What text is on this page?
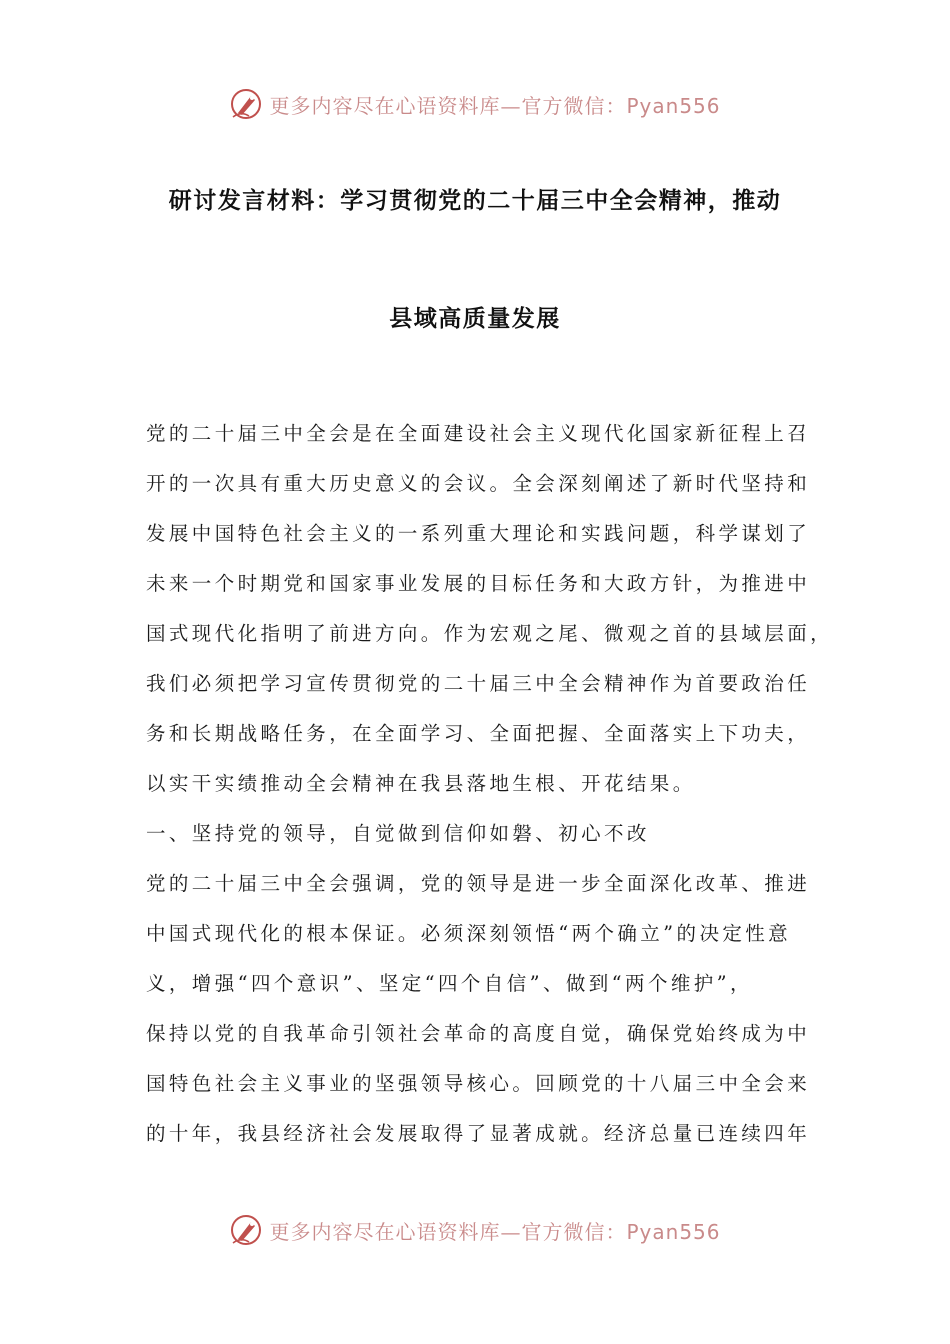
更多内容尽在心语资料库—官方微信：Pyan556
研讨发言材料：学习贯彻党的二十届三中全会精神，推动
县域高质量发展
党的二十届三中全会是在全面建设社会主义现代化国家新征程上召
开的一次具有重大历史意义的会议。全会深刻阐述了新时代坚持和
发展中国特色社会主义的一系列重大理论和实践问题，科学谋划了
未来一个时期党和国家事业发展的目标任务和大政方针，为推进中
国式现代化指明了前进方向。作为宏观之尾、微观之首的县域层面，
我们必须把学习宣传贯彻党的二十届三中全会精神作为首要政治任
务和长期战略任务，在全面学习、全面把握、全面落实上下功夫，
以实干实绩推动全会精神在我县落地生根、开花结果。
一、坚持党的领导，自觉做到信仰如磐、初心不改
党的二十届三中全会强调，党的领导是进一步全面深化改革、推进
中国式现代化的根本保证。必须深刻领悟“两个确立”的决定性意
义，增强“四个意识”、坚定“四个自信”、做到“两个维护”，
保持以党的自我革命引领社会革命的高度自觉，确保党始终成为中
国特色社会主义事业的坚强领导核心。回顾党的十八届三中全会来
的十年，我县经济社会发展取得了显著成就。经济总量已连续四年
更多内容尽在心语资料库—官方微信：Pyan556
